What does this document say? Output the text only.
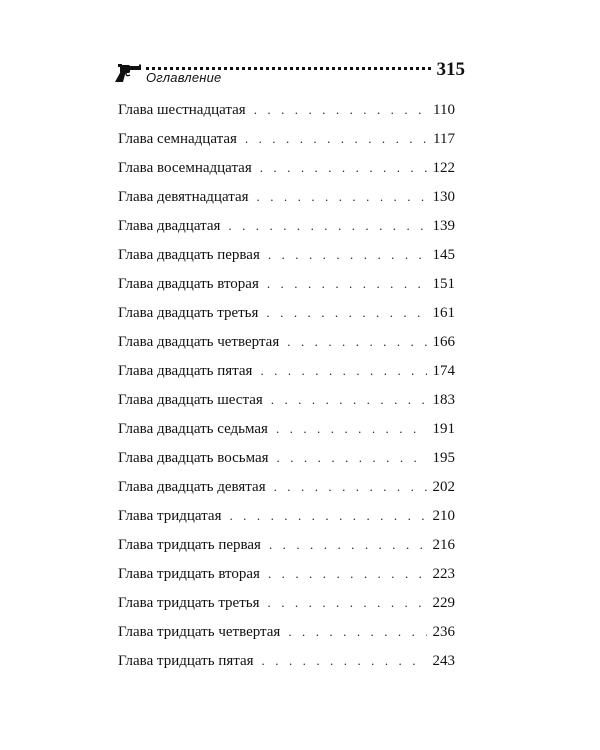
Оглавление	315
Глава шестнадцатая . . .	110
Глава семнадцатая . . .	117
Глава восемнадцатая . . .	122
Глава девятнадцатая . . .	130
Глава двадцатая . . .	139
Глава двадцать первая . . .	145
Глава двадцать вторая . . .	151
Глава двадцать третья . . .	161
Глава двадцать четвертая . . .	166
Глава двадцать пятая . . .	174
Глава двадцать шестая . . .	183
Глава двадцать седьмая . . .	191
Глава двадцать восьмая . . .	195
Глава двадцать девятая . . .	202
Глава тридцатая . . .	210
Глава тридцать первая . . .	216
Глава тридцать вторая . . .	223
Глава тридцать третья . . .	229
Глава тридцать четвертая . . .	236
Глава тридцать пятая . . .	243
